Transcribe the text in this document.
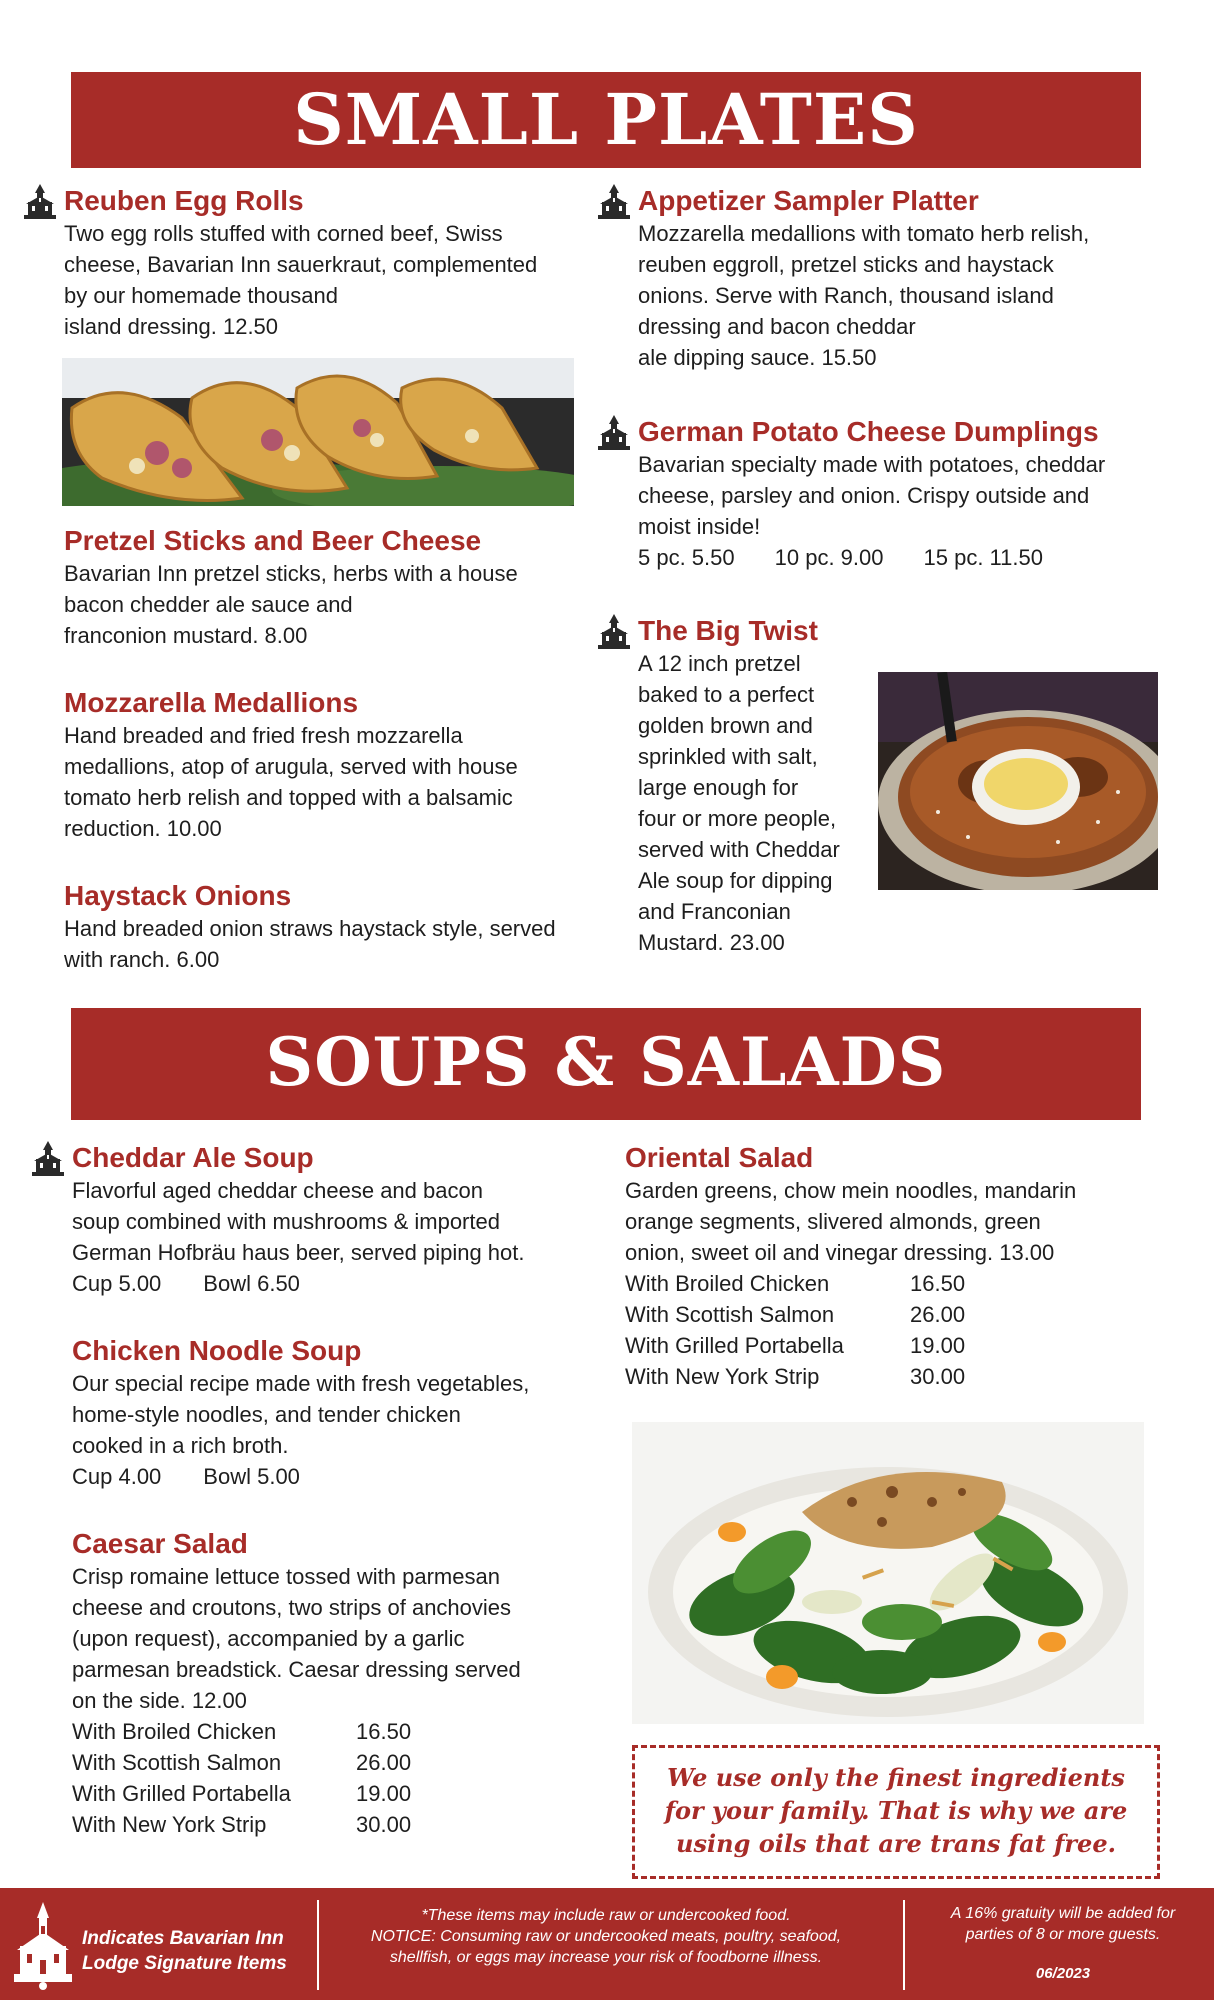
SMALL PLATES
Reuben Egg Rolls
Two egg rolls stuffed with corned beef, Swiss
cheese, Bavarian Inn sauerkraut, complemented
by our homemade thousand
island dressing. 12.50
Pretzel Sticks and Beer Cheese
Bavarian Inn pretzel sticks, herbs with a house
bacon chedder ale sauce and
franconion mustard. 8.00
Mozzarella Medallions
Hand breaded and fried fresh mozzarella
medallions, atop of arugula, served with house
tomato herb relish and topped with a balsamic
reduction. 10.00
Haystack Onions
Hand breaded onion straws haystack style, served
with ranch. 6.00
Appetizer Sampler Platter
Mozzarella medallions with tomato herb relish,
reuben eggroll, pretzel sticks and haystack
onions. Serve with Ranch, thousand island
dressing and bacon cheddar
ale dipping sauce. 15.50
German Potato Cheese Dumplings
Bavarian specialty made with potatoes, cheddar
cheese, parsley and onion. Crispy outside and
moist inside!
5 pc. 5.50 10 pc. 9.00 15 pc. 11.50
The Big Twist
A 12 inch pretzel
baked to a perfect
golden brown and
sprinkled with salt,
large enough for
four or more people,
served with Cheddar
Ale soup for dipping
and Franconian
Mustard. 23.00
SOUPS & SALADS
Cheddar Ale Soup
Flavorful aged cheddar cheese and bacon
soup combined with mushrooms & imported
German Hofbräu haus beer, served piping hot.
Cup 5.00 Bowl 6.50
Chicken Noodle Soup
Our special recipe made with fresh vegetables,
home-style noodles, and tender chicken
cooked in a rich broth.
Cup 4.00 Bowl 5.00
Caesar Salad
Crisp romaine lettuce tossed with parmesan
cheese and croutons, two strips of anchovies
(upon request), accompanied by a garlic
parmesan breadstick. Caesar dressing served
on the side. 12.00
With Broiled Chicken	16.50
With Scottish Salmon	26.00
With Grilled Portabella	19.00
With New York Strip	30.00
Oriental Salad
Garden greens, chow mein noodles, mandarin
orange segments, slivered almonds, green
onion, sweet oil and vinegar dressing. 13.00
With Broiled Chicken	16.50
With Scottish Salmon	26.00
With Grilled Portabella	19.00
With New York Strip	30.00
We use only the finest ingredients
for your family. That is why we are
using oils that are trans fat free.
Indicates Bavarian Inn
Lodge Signature Items
*These items may include raw or undercooked food.
NOTICE: Consuming raw or undercooked meats, poultry, seafood,
shellfish, or eggs may increase your risk of foodborne illness.
A 16% gratuity will be added for
parties of 8 or more guests.
06/2023
